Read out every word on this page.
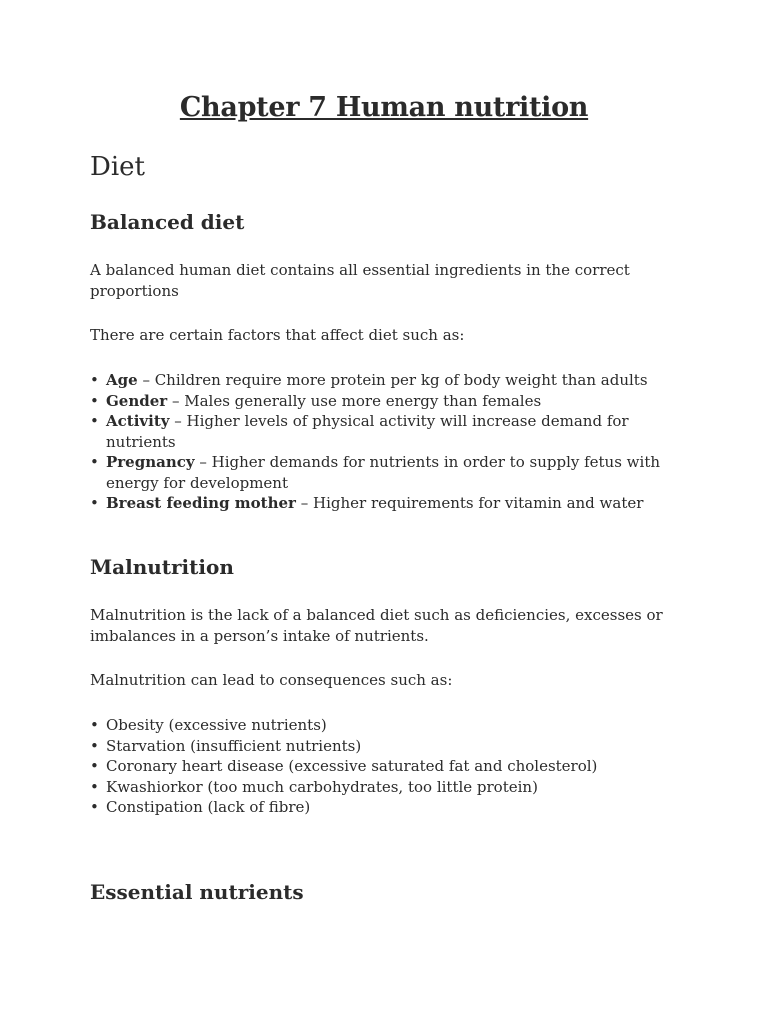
Chapter 7 Human nutrition
Diet
Balanced diet

A balanced human diet contains all essential ingredients in the correct
proportions

There are certain factors that affect diet such as:

• Age – Children require more protein per kg of body weight than adults
• Gender – Males generally use more energy than females
• Activity – Higher levels of physical activity will increase demand for nutrients
• Pregnancy – Higher demands for nutrients in order to supply fetus with
energy for development
• Breast feeding mother – Higher requirements for vitamin and water
Malnutrition

Malnutrition is the lack of a balanced diet such as deficiencies, excesses or
imbalances in a person’s intake of nutrients.

Malnutrition can lead to consequences such as:

• Obesity (excessive nutrients)
• Starvation (insufficient nutrients)
• Coronary heart disease (excessive saturated fat and cholesterol)
• Kwashiorkor (too much carbohydrates, too little protein)
• Constipation (lack of fibre)
Essential nutrients
